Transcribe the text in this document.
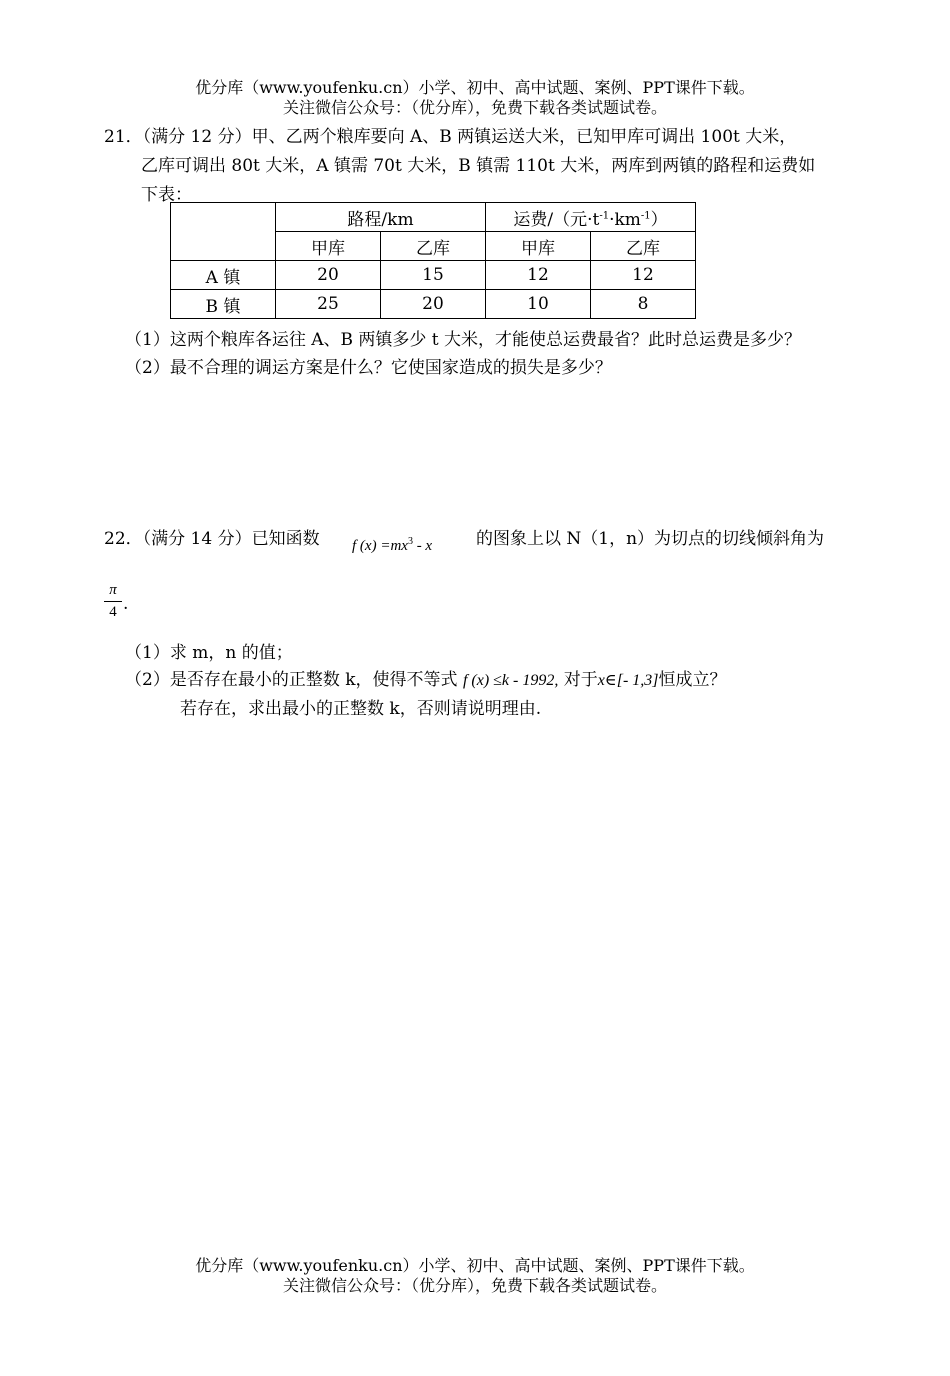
优分库（www.youfenku.cn）小学、初中、高中试题、案例、PPT课件下载。
关注微信公众号：（优分库），免费下载各类试题试卷。
21．（满分 12 分）甲、乙两个粮库要向 A、B 两镇运送大米，已知甲库可调出 100t 大米，
乙库可调出 80t 大米，A 镇需 70t 大米，B 镇需 110t 大米，两库到两镇的路程和运费如
下表：
	路程/km		运费/（元$\cdot t^{-1}\cdot km^{-1}$）	
	甲库	乙库	甲库	乙库
A 镇	20	15	12	12
B 镇	25	20	10	8
（1）这两个粮库各运往 A、B 两镇多少 t 大米，才能使总运费最省？此时总运费是多少？
（2）最不合理的调运方案是什么？它使国家造成的损失是多少？
22．（满分 14 分）已知函数 f $(x) =mx^3 - x$	的图象上以 N（1，n）为切点的切线倾斜角为
π
4 .
（1）求 m，n 的值；
（2）是否存在最小的正整数 k，使得不等式 f (x) ≤k - 1992, 对于x∈[- 1,3]恒成立？
若存在，求出最小的正整数 k，否则请说明理由.
优分库（www.youfenku.cn）小学、初中、高中试题、案例、PPT课件下载。
关注微信公众号：（优分库），免费下载各类试题试卷。
